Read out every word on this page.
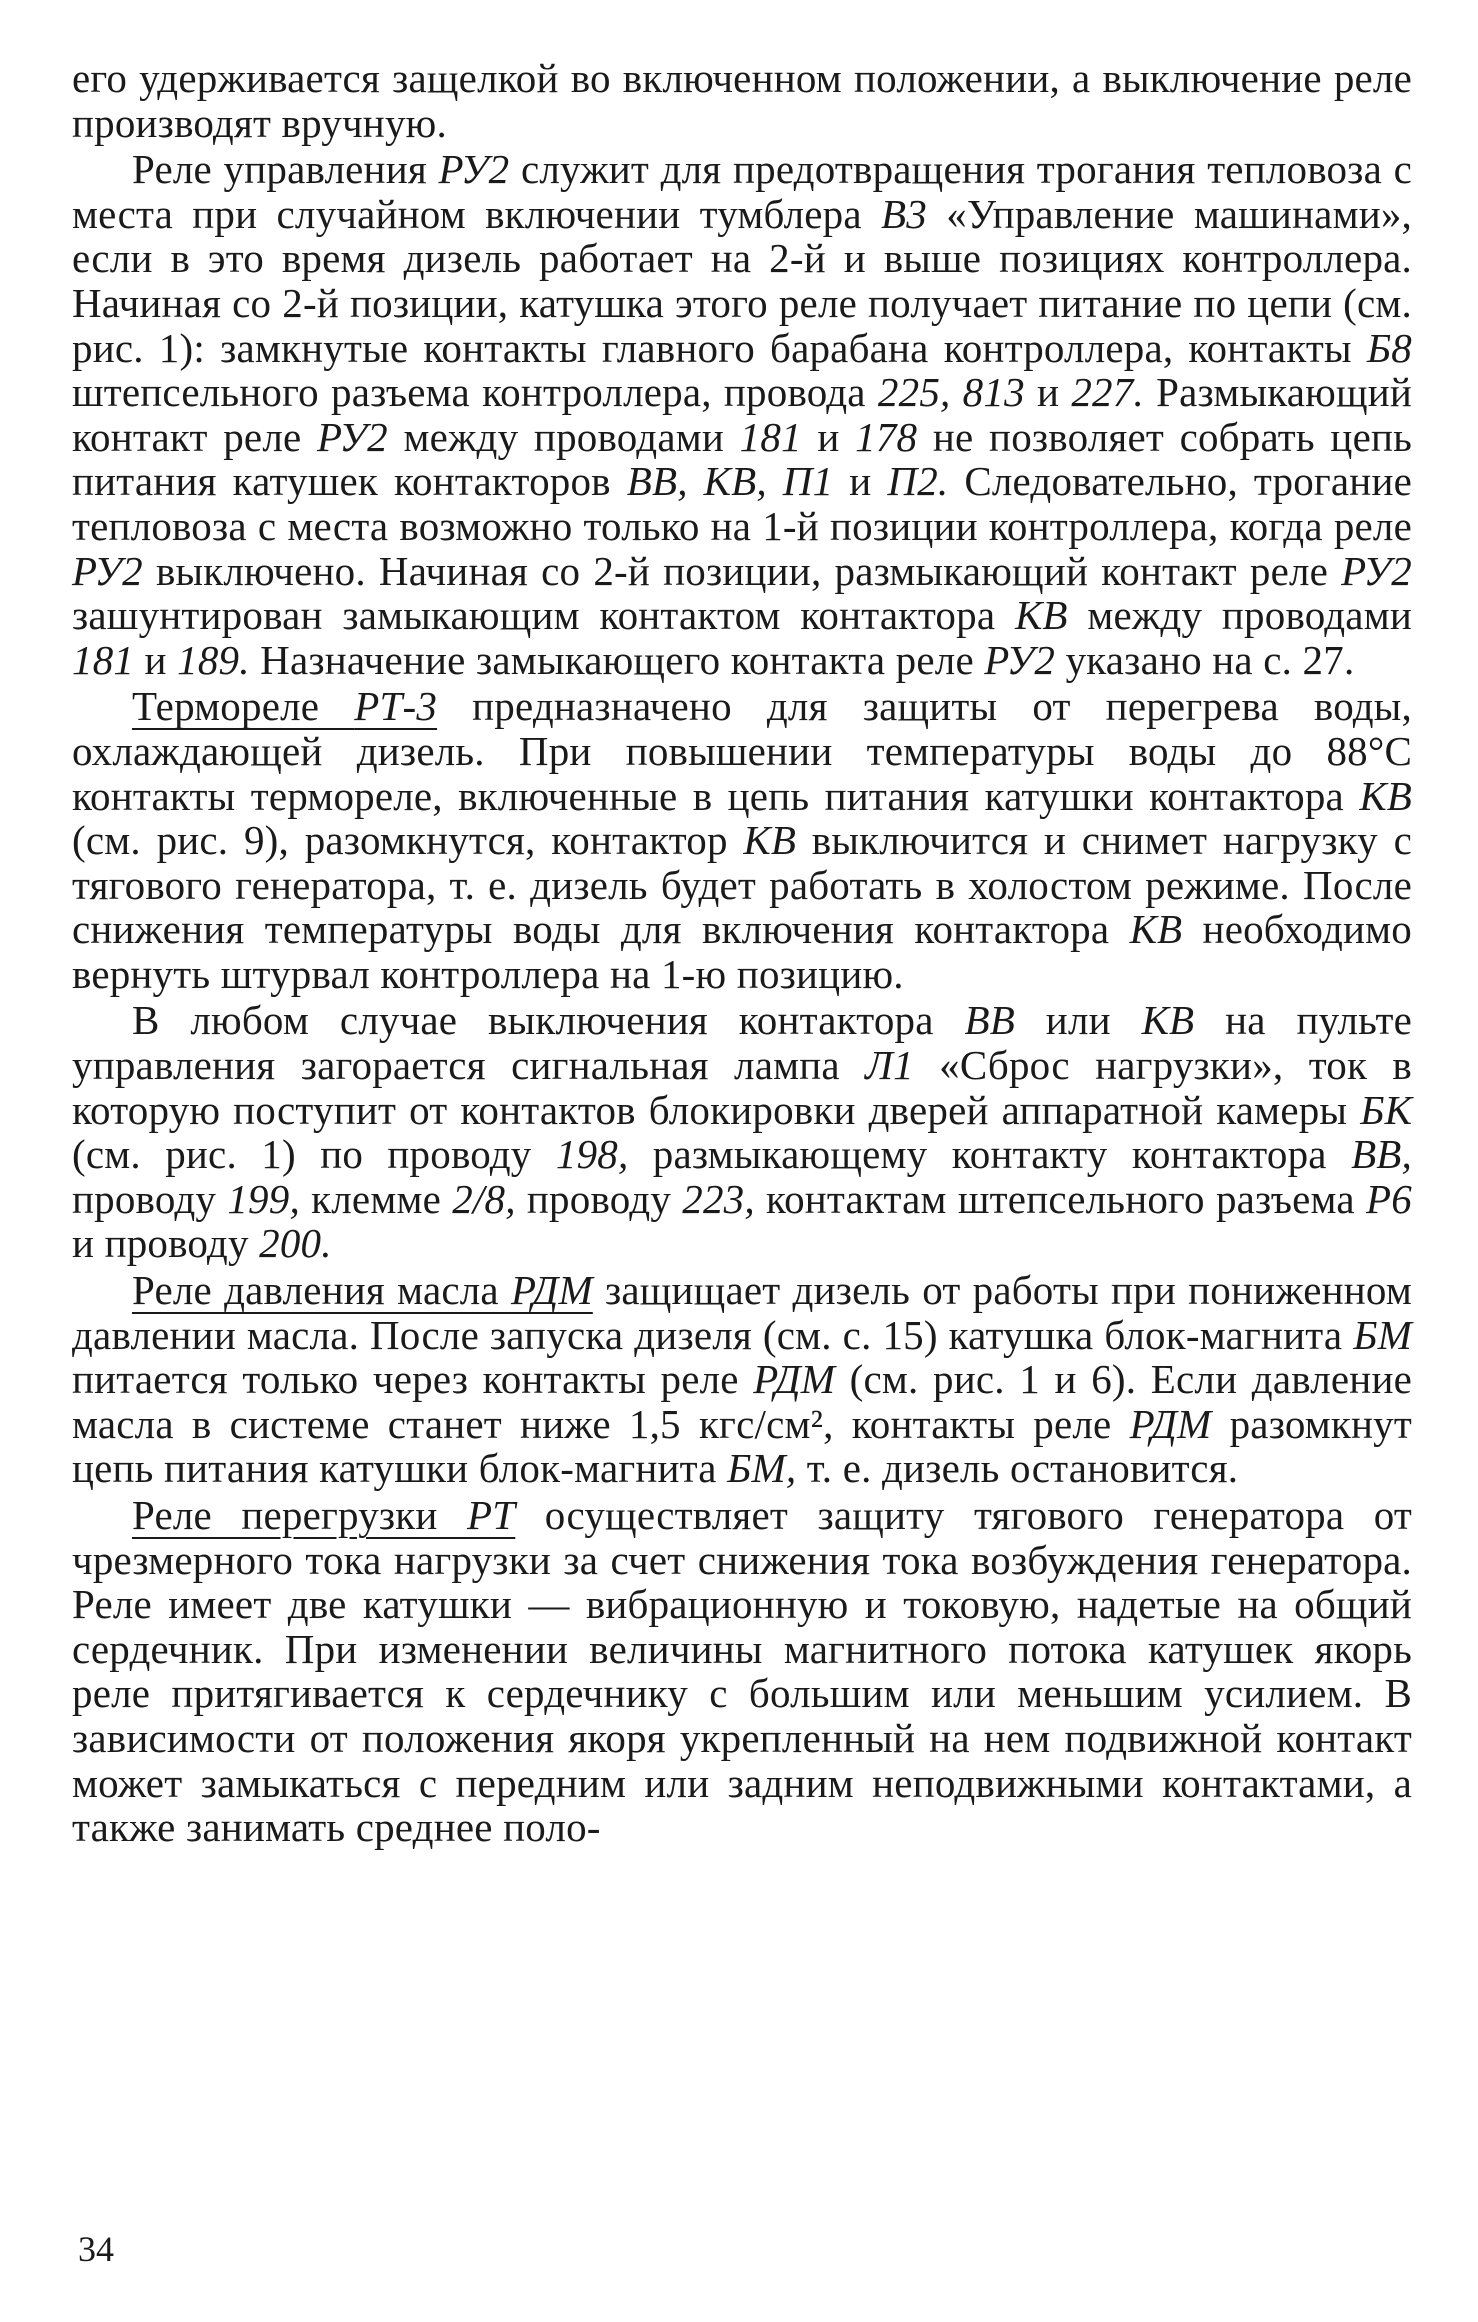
его удерживается защелкой во включенном положении, а выключение реле производят вручную.

Реле управления РУ2 служит для предотвращения трогания тепловоза с места при случайном включении тумблера В3 «Управление машинами», если в это время дизель работает на 2-й и выше позициях контроллера. Начиная со 2-й позиции, катушка этого реле получает питание по цепи (см. рис. 1): замкнутые контакты главного барабана контроллера, контакты Б8 штепсельного разъема контроллера, провода 225, 813 и 227. Размыкающий контакт реле РУ2 между проводами 181 и 178 не позволяет собрать цепь питания катушек контакторов ВВ, КВ, П1 и П2. Следовательно, трогание тепловоза с места возможно только на 1-й позиции контроллера, когда реле РУ2 выключено. Начиная со 2-й позиции, размыкающий контакт реле РУ2 зашунтирован замыкающим контактом контактора КВ между проводами 181 и 189. Назначение замыкающего контакта реле РУ2 указано на с. 27.

Термореле РТ-3 предназначено для защиты от перегрева воды, охлаждающей дизель. При повышении температуры воды до 88°С контакты термореле, включенные в цепь питания катушки контактора КВ (см. рис. 9), разомкнутся, контактор КВ выключится и снимет нагрузку с тягового генератора, т. е. дизель будет работать в холостом режиме. После снижения температуры воды для включения контактора КВ необходимо вернуть штурвал контроллера на 1-ю позицию.

В любом случае выключения контактора ВВ или КВ на пульте управления загорается сигнальная лампа Л1 «Сброс нагрузки», ток в которую поступит от контактов блокировки дверей аппаратной камеры БК (см. рис. 1) по проводу 198, размыкающему контакту контактора ВВ, проводу 199, клемме 2/8, проводу 223, контактам штепсельного разъема Р6 и проводу 200.

Реле давления масла РДМ защищает дизель от работы при пониженном давлении масла. После запуска дизеля (см. с. 15) катушка блок-магнита БМ питается только через контакты реле РДМ (см. рис. 1 и 6). Если давление масла в системе станет ниже 1,5 кгс/см², контакты реле РДМ разомкнут цепь питания катушки блок-магнита БМ, т. е. дизель остановится.

Реле перегрузки РТ осуществляет защиту тягового генератора от чрезмерного тока нагрузки за счет снижения тока возбуждения генератора. Реле имеет две катушки — вибрационную и токовую, надетые на общий сердечник. При изменении величины магнитного потока катушек якорь реле притягивается к сердечнику с большим или меньшим усилием. В зависимости от положения якоря укрепленный на нем подвижной контакт может замыкаться с передним или задним неподвижными контактами, а также занимать среднее поло-

34
